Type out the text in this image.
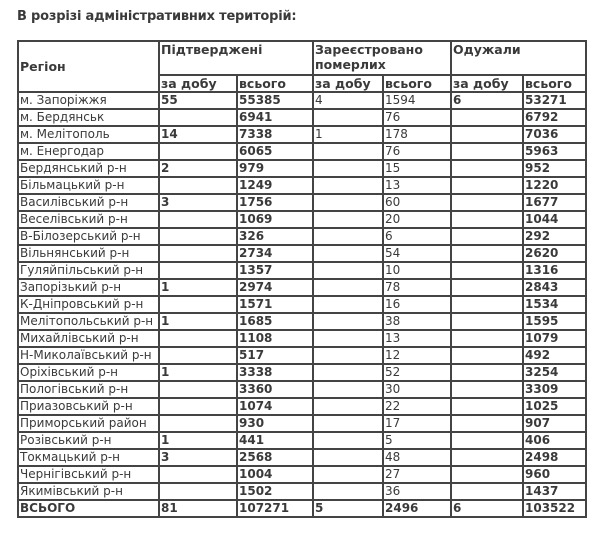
В розрізі адміністративних територій:
Регіон	Підтверджені		Зареєстровано померлих		Одужали	
	за добу	всього	за добу	всього	за добу	всього
м. Запоріжжя	55	55385	4	1594	6	53271
м. Бердянськ		6941		76		6792
м. Мелітополь	14	7338	1	178		7036
м. Енергодар		6065		76		5963
Бердянський р-н	2	979		15		952
Більмацький р-н		1249		13		1220
Василівський р-н	3	1756		60		1677
Веселівський р-н		1069		20		1044
В-Білозерський р-н		326		6		292
Вільнянський р-н		2734		54		2620
Гуляйпільський р-н		1357		10		1316
Запорізький р-н	1	2974		78		2843
К-Дніпровський р-н		1571		16		1534
Мелітопольський р-н	1	1685		38		1595
Михайлівський р-н		1108		13		1079
Н-Миколаївський р-н		517		12		492
Оріхівський р-н	1	3338		52		3254
Пологівський р-н		3360		30		3309
Приазовський р-н		1074		22		1025
Приморський район		930		17		907
Розівський р-н	1	441		5		406
Токмацький р-н	3	2568		48		2498
Чернігівський р-н		1004		27		960
Якимівський р-н		1502		36		1437
ВСЬОГО	81	107271	5	2496	6	103522
